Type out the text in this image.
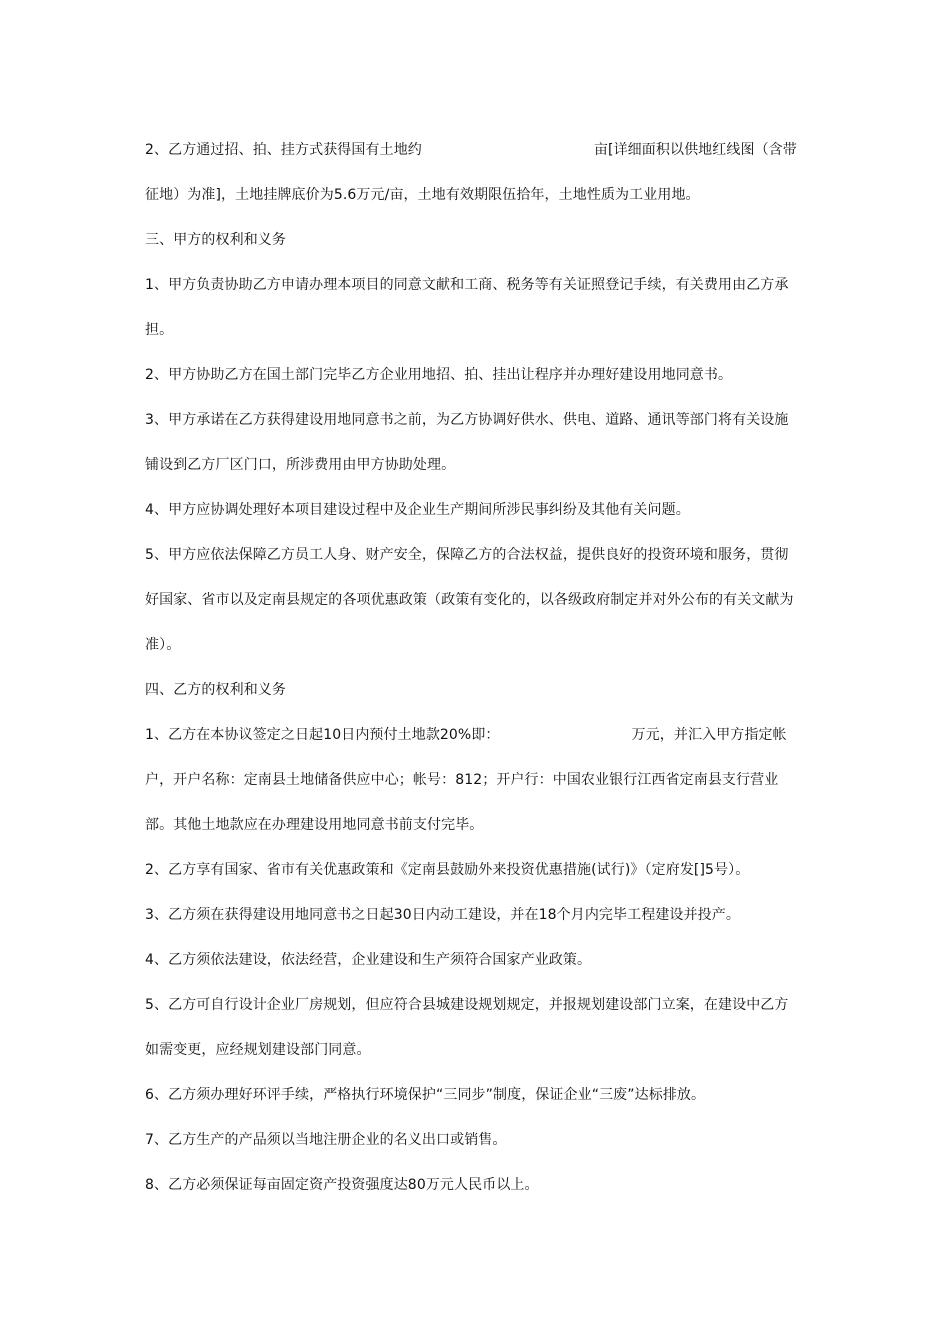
2、乙方通过招、拍、挂方式获得国有土地约	亩[详细面积以供地红线图（含带
征地）为准]，土地挂牌底价为5.6万元/亩，土地有效期限伍拾年，土地性质为工业用地。
三、甲方的权利和义务
1、甲方负责协助乙方申请办理本项目的同意文献和工商、税务等有关证照登记手续，有关费用由乙方承
担。
2、甲方协助乙方在国土部门完毕乙方企业用地招、拍、挂出让程序并办理好建设用地同意书。
3、甲方承诺在乙方获得建设用地同意书之前，为乙方协调好供水、供电、道路、通讯等部门将有关设施
铺设到乙方厂区门口，所涉费用由甲方协助处理。
4、甲方应协调处理好本项目建设过程中及企业生产期间所涉民事纠纷及其他有关问题。
5、甲方应依法保障乙方员工人身、财产安全，保障乙方的合法权益，提供良好的投资环境和服务，贯彻
好国家、省市以及定南县规定的各项优惠政策（政策有变化的，以各级政府制定并对外公布的有关文献为
准）。
四、乙方的权利和义务
1、乙方在本协议签定之日起10日内预付土地款20%即：	万元，并汇入甲方指定帐
户，开户名称：定南县土地储备供应中心；帐号：812；开户行：中国农业银行江西省定南县支行营业
部。其他土地款应在办理建设用地同意书前支付完毕。
2、乙方享有国家、省市有关优惠政策和《定南县鼓励外来投资优惠措施(试行)》（定府发[]5号）。
3、乙方须在获得建设用地同意书之日起30日内动工建设，并在18个月内完毕工程建设并投产。
4、乙方须依法建设，依法经营，企业建设和生产须符合国家产业政策。
5、乙方可自行设计企业厂房规划，但应符合县城建设规划规定，并报规划建设部门立案，在建设中乙方
如需变更，应经规划建设部门同意。
6、乙方须办理好环评手续，严格执行环境保护“三同步”制度，保证企业“三废”达标排放。
7、乙方生产的产品须以当地注册企业的名义出口或销售。
8、乙方必须保证每亩固定资产投资强度达80万元人民币以上。
